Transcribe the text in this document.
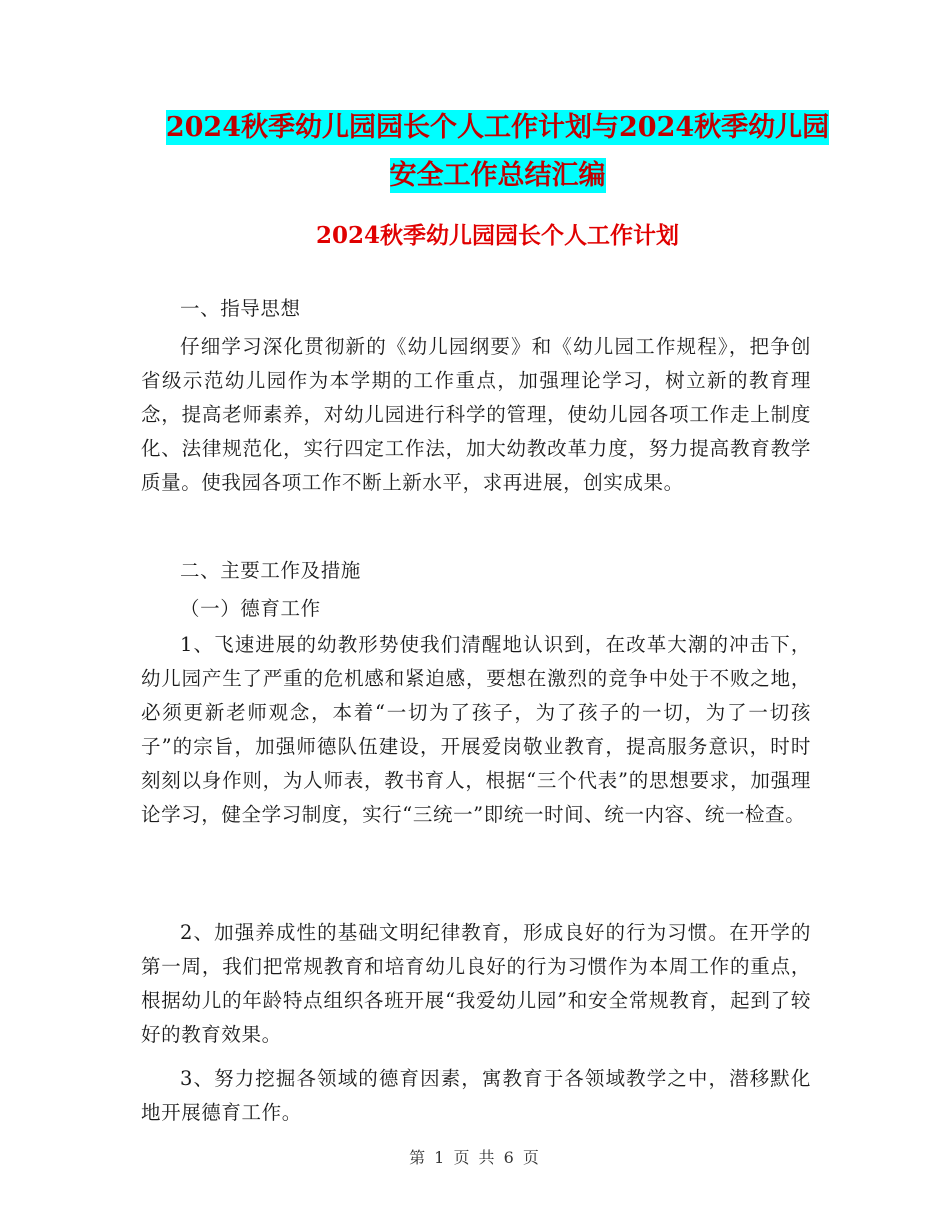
2024秋季幼儿园园长个人工作计划与2024秋季幼儿园
安全工作总结汇编
2024秋季幼儿园园长个人工作计划

一、指导思想

仔细学习深化贯彻新的《幼儿园纲要》和《幼儿园工作规程》，把争创省级示范幼儿园作为本学期的工作重点，加强理论学习，树立新的教育理念，提高老师素养，对幼儿园进行科学的管理，使幼儿园各项工作走上制度化、法律规范化，实行四定工作法，加大幼教改革力度，努力提高教育教学质量。使我园各项工作不断上新水平，求再进展，创实成果。

二、主要工作及措施

（一）德育工作

1、飞速进展的幼教形势使我们清醒地认识到，在改革大潮的冲击下，幼儿园产生了严重的危机感和紧迫感，要想在激烈的竞争中处于不败之地，必须更新老师观念，本着“一切为了孩子，为了孩子的一切，为了一切孩子”的宗旨，加强师德队伍建设，开展爱岗敬业教育，提高服务意识，时时刻刻以身作则，为人师表，教书育人，根据“三个代表”的思想要求，加强理论学习，健全学习制度，实行“三统一”即统一时间、统一内容、统一检查。

2、加强养成性的基础文明纪律教育，形成良好的行为习惯。在开学的第一周，我们把常规教育和培育幼儿良好的行为习惯作为本周工作的重点，根据幼儿的年龄特点组织各班开展“我爱幼儿园”和安全常规教育，起到了较好的教育效果。

3、努力挖掘各领域的德育因素，寓教育于各领域教学之中，潜移默化地开展德育工作。

第 1 页 共 6 页
